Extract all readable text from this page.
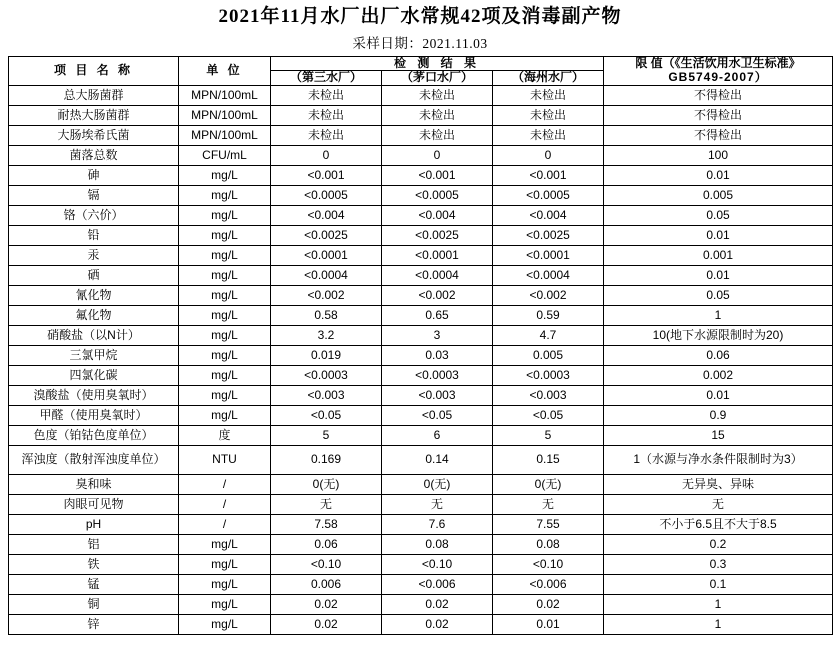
2021年11月水厂出厂水常规42项及消毒副产物
采样日期：2021.11.03
项 目 名 称	单 位	检 测 结 果			限 值（《生活饮用水卫生标准》
GB5749-2007）

		（第三水厂）	（茅口水厂）	（海州水厂）	
总大肠菌群	MPN/100mL	未检出	未检出	未检出	不得检出
耐热大肠菌群	MPN/100mL	未检出	未检出	未检出	不得检出
大肠埃希氏菌	MPN/100mL	未检出	未检出	未检出	不得检出
菌落总数	CFU/mL	0	0	0	100
砷	mg/L	<0.001	<0.001	<0.001	0.01
镉	mg/L	<0.0005	<0.0005	<0.0005	0.005
铬（六价）	mg/L	<0.004	<0.004	<0.004	0.05
铅	mg/L	<0.0025	<0.0025	<0.0025	0.01
汞	mg/L	<0.0001	<0.0001	<0.0001	0.001
硒	mg/L	<0.0004	<0.0004	<0.0004	0.01
氰化物	mg/L	<0.002	<0.002	<0.002	0.05
氟化物	mg/L	0.58	0.65	0.59	1
硝酸盐（以N计）	mg/L	3.2	3	4.7	10(地下水源限制时为20)
三氯甲烷	mg/L	0.019	0.03	0.005	0.06
四氯化碳	mg/L	<0.0003	<0.0003	<0.0003	0.002
溴酸盐（使用臭氧时）	mg/L	<0.003	<0.003	<0.003	0.01
甲醛（使用臭氧时）	mg/L	<0.05	<0.05	<0.05	0.9
色度（铂钴色度单位）	度	5	6	5	15
浑浊度（散射浑浊度单位）	NTU	0.169	0.14	0.15	1（水源与净水条件限制时为3）
臭和味	/	0(无)	0(无)	0(无)	无异臭、异味
肉眼可见物	/	无	无	无	无
pH	/	7.58	7.6	7.55	不小于6.5且不大于8.5
铝	mg/L	0.06	0.08	0.08	0.2
铁	mg/L	<0.10	<0.10	<0.10	0.3
锰	mg/L	0.006	<0.006	<0.006	0.1
铜	mg/L	0.02	0.02	0.02	1
锌	mg/L	0.02	0.02	0.01	1
